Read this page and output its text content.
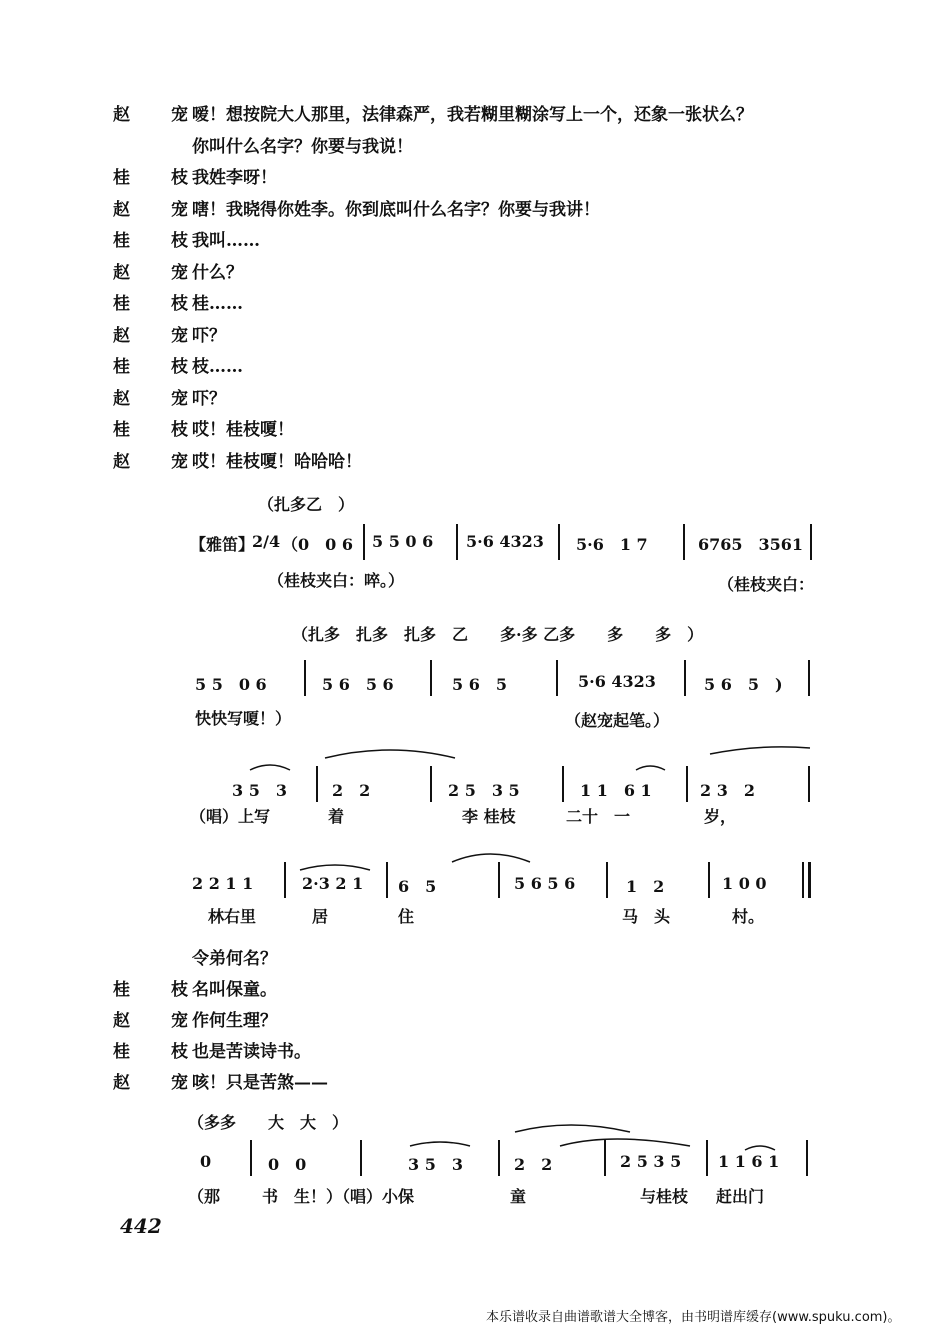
赵　宠
嗳！想按院大人那里，法律森严，我若糊里糊涂写上一个，还象一张状么？
你叫什么名字？你要与我说！
桂　枝
我姓李呀！
赵　宠
嗐！我晓得你姓李。你到底叫什么名字？你要与我讲！
桂　枝
我叫……
赵　宠
什么？
桂　枝
桂……
赵　宠
吓？
桂　枝
枝……
赵　宠
吓？
桂　枝
哎！桂枝嗄！
赵　宠
哎！桂枝嗄！哈哈哈！
（扎多乙　）
【雅笛】
2/4 （0　0 6 5 5 0 6 5·6 4323 5·6　1 7	6765　3561
（桂枝夹白：啐。）	（桂枝夹白：
（扎多　扎多　扎多　乙　　多·多 乙多　　多　　多　）
5 5　0 6	5 6　5 6	5 6　5	5·6 4323	5 6　5　)
快快写嗄！）	（赵宠起笔。）
3 5　3	2　2	2 5　3 5	1 1　6 1	2 3　2
（唱）上写	着	李 桂枝	二十　一	岁，
2 2 1 1	2·3 2 1 6　5	5 6 5 6	1　2	1 0 0
林右里	居	住	马　头	村。
令弟何名？
桂　枝
名叫保童。
赵　宠
作何生理？
桂　枝
也是苦读诗书。
赵　宠
咳！只是苦煞——
（多多　　大　大　）
0	0　0	3 5　3	2　2	2 5 3 5 1 1 6 1
（那	书　生！）（唱）小保	童	与桂枝 赶出门
442
本乐谱收录自曲谱歌谱大全博客，由书明谱库缓存(www.spuku.com)。
